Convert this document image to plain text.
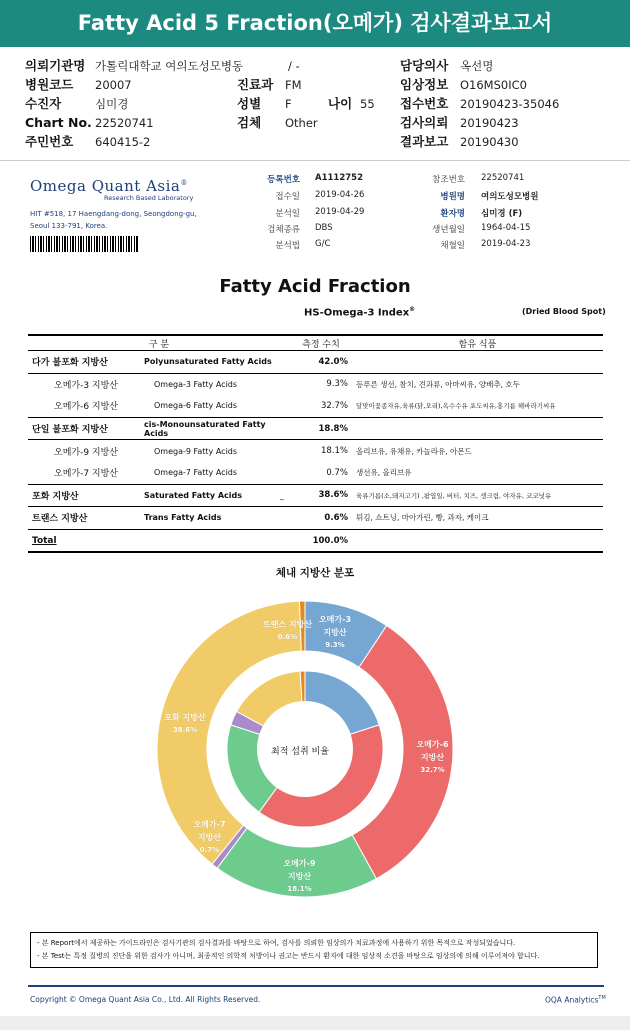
Fatty Acid 5 Fraction(오메가) 검사결과보고서
의뢰기관명 가톨릭대학교 여의도성모병동	/ -	담당의사 옥선명
병원코드 20007	진료과 FM	임상정보 O16MS0IC0
수진자	심미경	성별 F	나이 55 접수번호 20190423-35046
Chart No. 22520741	검체 Other	검사의뢰 20190423
주민번호 640415-2	결과보고 20190430
Omega Quant Asia®
Research Based Laboratory
HIT #518, 17 Haengdang-dong, Seongdong-gu,
Seoul 133-791, Korea.
등록번호 A1112752	참조번호 22520741
접수일 2019-04-26	병원명 여의도성모병원
분석일 2019-04-29	환자명 심미경 (F)
검체종류 DBS	생년월일 1964-04-15
분석법 G/C	채혈일 2019-04-23
Fatty Acid Fraction
HS-Omega-3 Index®	(Dried Blood Spot)
구 분		측정 수치	함유 식품
다가 불포화 지방산	Polyunsaturated Fatty Acids	42.0%	
오메가-3 지방산	Omega-3 Fatty Acids	9.3%	등푸른 생선, 참치, 견과류, 아마씨유, 양배추, 호두
오메가-6 지방산	Omega-6 Fatty Acids	32.7%	달맞이꽃종자유,육류(닭,오리),옥수수유 포도씨유,홍기름 해바라기씨유
단일 불포화 지방산	cis-Monounsaturated Fatty Acids	18.8%	
오메가-9 지방산	Omega-9 Fatty Acids	18.1%	올리브유, 유채유, 카놀라유, 아몬드
오메가-7 지방산	Omega-7 Fatty Acids	0.7%	생선유, 올리브유
포화 지방산	Saturated Fatty Acids _	38.6%	육류기름(소,돼지고기) ,팜엽일, 버터, 치즈, 생크림, 야자유, 코코넛유
트랜스 지방산	Trans Fatty Acids	0.6%	튀김, 쇼트닝, 마아가린, 빵, 과자, 케이크
Total		100.0%	
체내 지방산 분포
최적 섭취 비율
오메가-3
지방산
9.3%
오메가-6
지방산
32.7%
오메가-9
지방산
18.1%
오메가-7
지방산
0.7%
포화 지방산
38.6%
트랜스 지방산
0.6%
- 본 Report에서 제공하는 가이드라인은 검사기관의 검사결과를 바탕으로 하여, 검사를 의뢰한 임상의가 치료과정에 사용하기 위한 목적으로 작성되었습니다.
- 본 Test는 특정 질병의 진단을 위한 검사가 아니며, 최종적인 의학적 처방이나 권고는 반드시 환자에 대한 임상적 소견을 바탕으로 임상의에 의해 이루어져야 합니다.
Copyright © Omega Quant Asia Co., Ltd. All Rights Reserved.	OQA Analytics™
